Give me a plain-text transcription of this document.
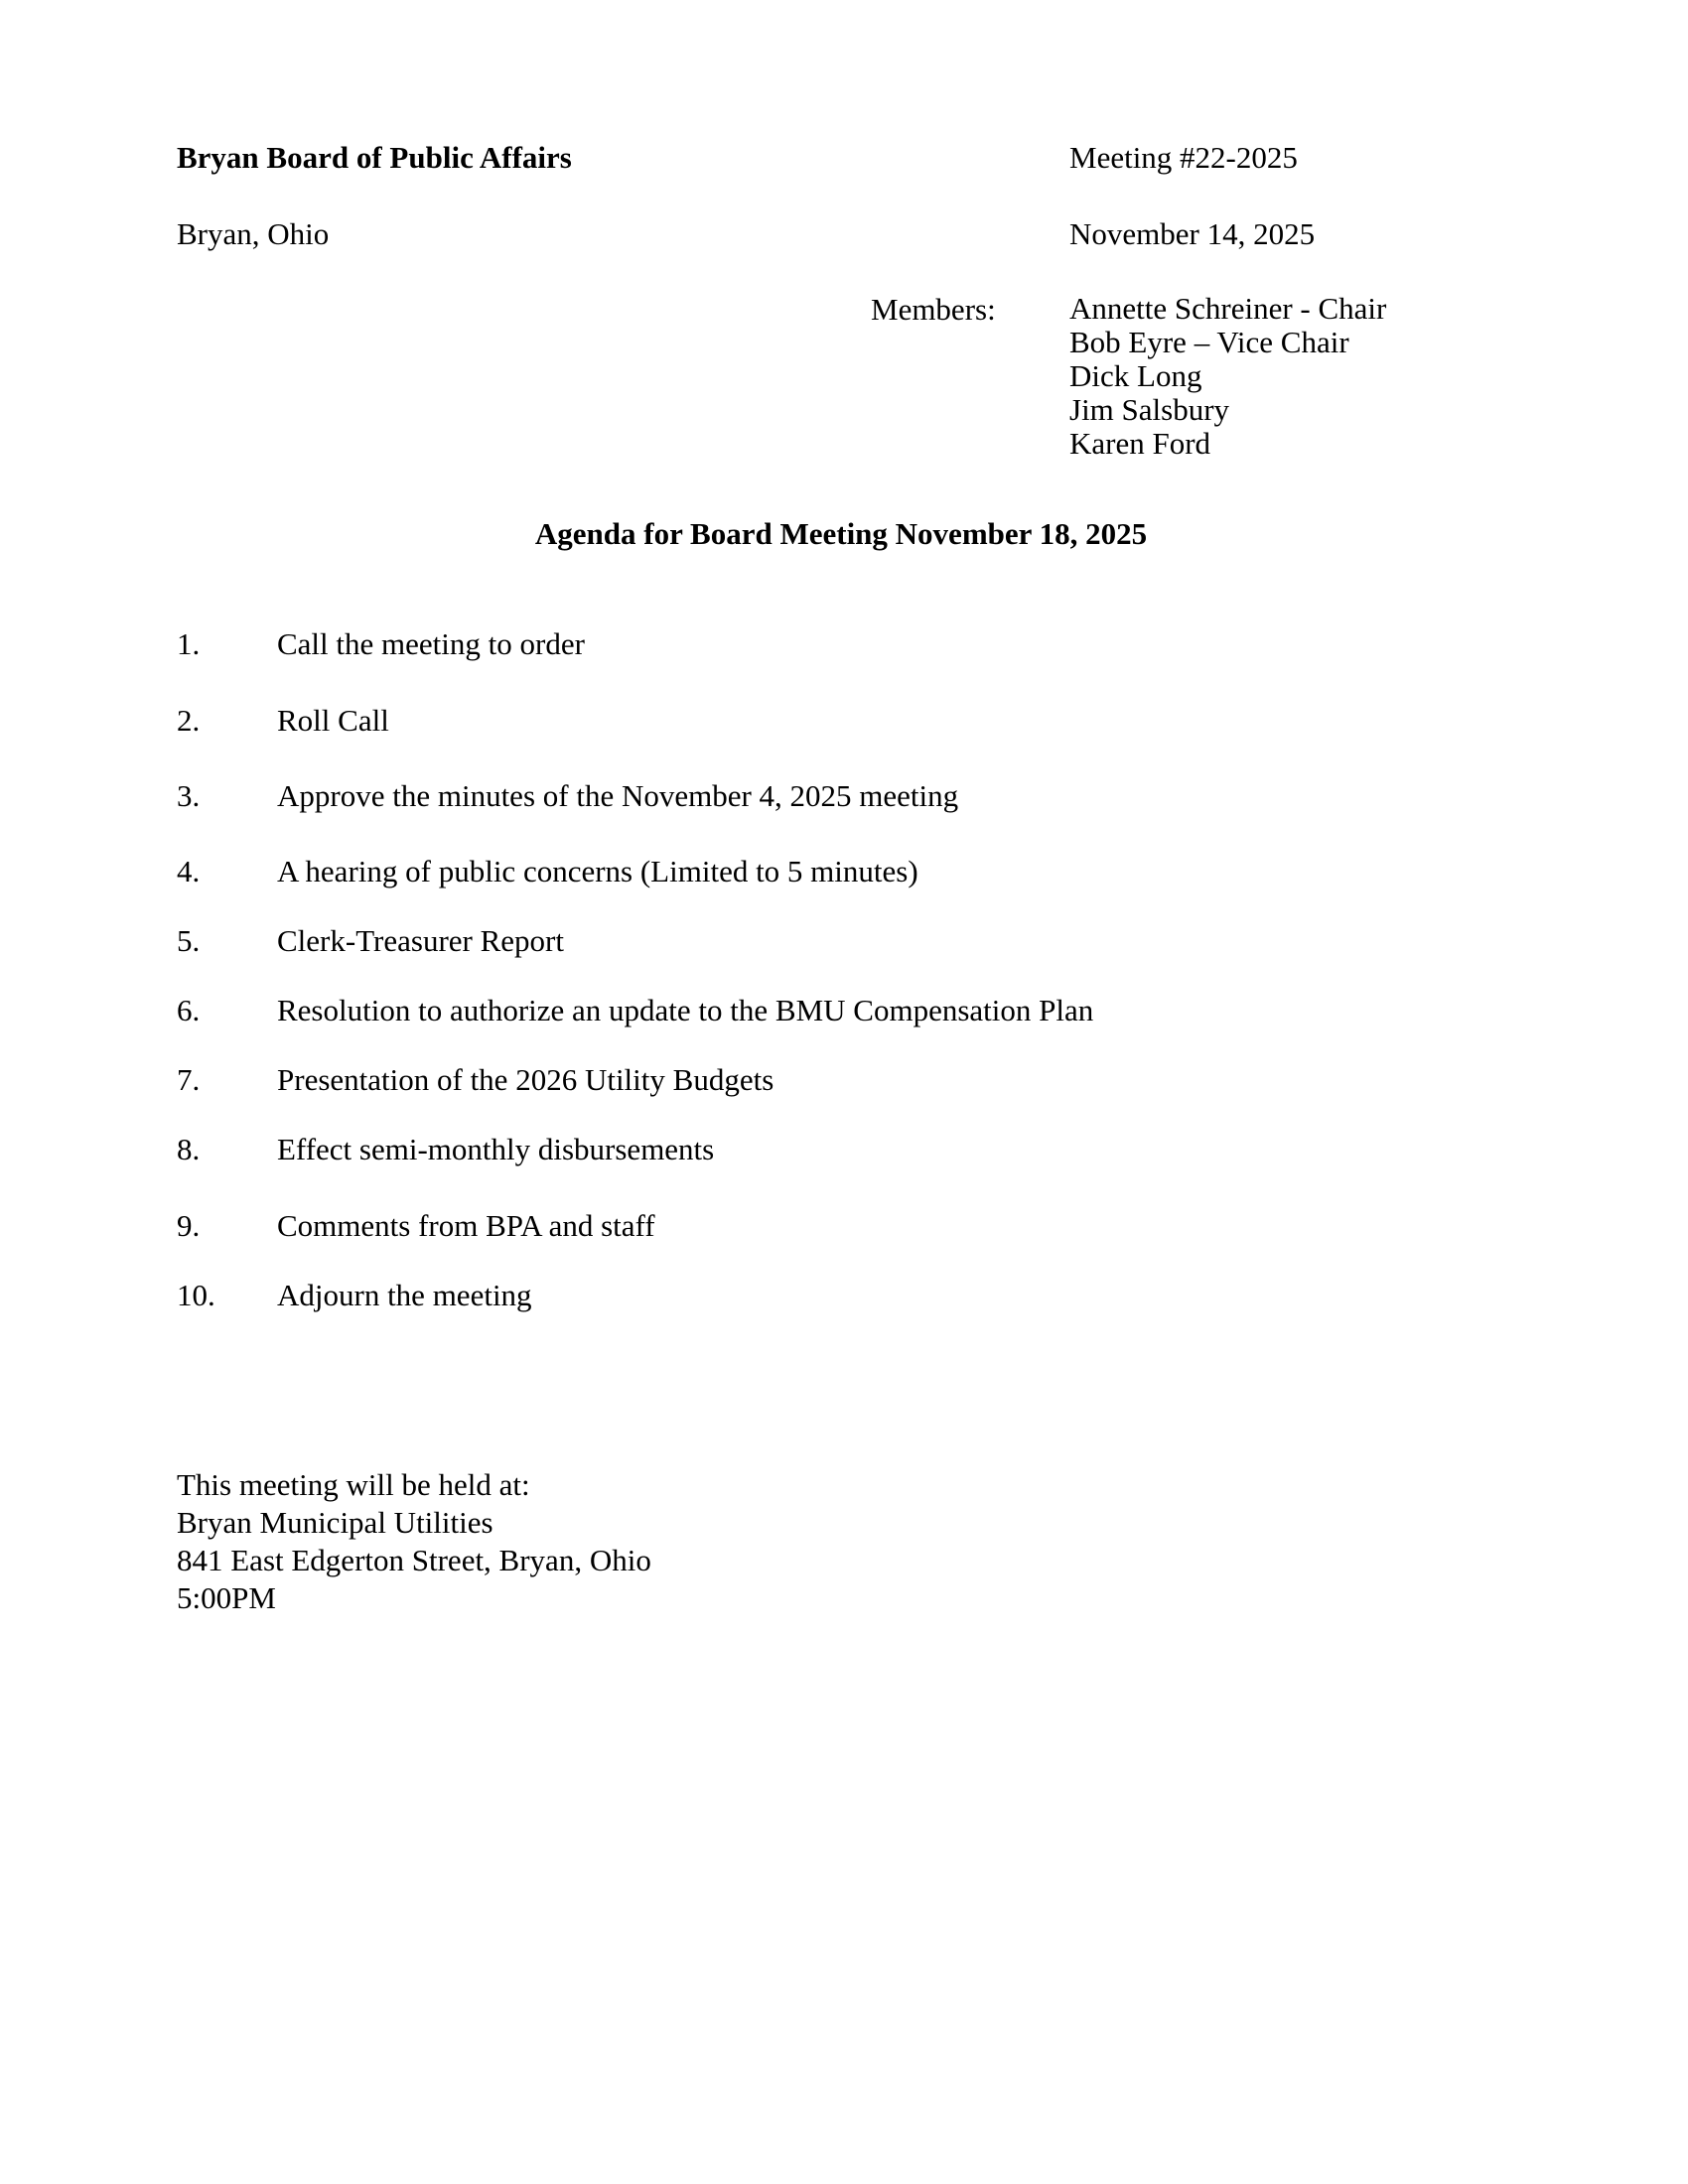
Bryan Board of Public Affairs	Meeting #22-2025
Bryan, Ohio	November 14, 2025
Members: Annette Schreiner - Chair
Bob Eyre – Vice Chair
Dick Long
Jim Salsbury
Karen Ford
Agenda for Board Meeting November 18, 2025
1.	Call the meeting to order
2.	Roll Call
3.	Approve the minutes of the November 4, 2025 meeting
4.	A hearing of public concerns (Limited to 5 minutes)
5.	Clerk-Treasurer Report
6.	Resolution to authorize an update to the BMU Compensation Plan
7.	Presentation of the 2026 Utility Budgets
8.	Effect semi-monthly disbursements
9.	Comments from BPA and staff
10. Adjourn the meeting
This meeting will be held at:
Bryan Municipal Utilities
841 East Edgerton Street, Bryan, Ohio
5:00PM
